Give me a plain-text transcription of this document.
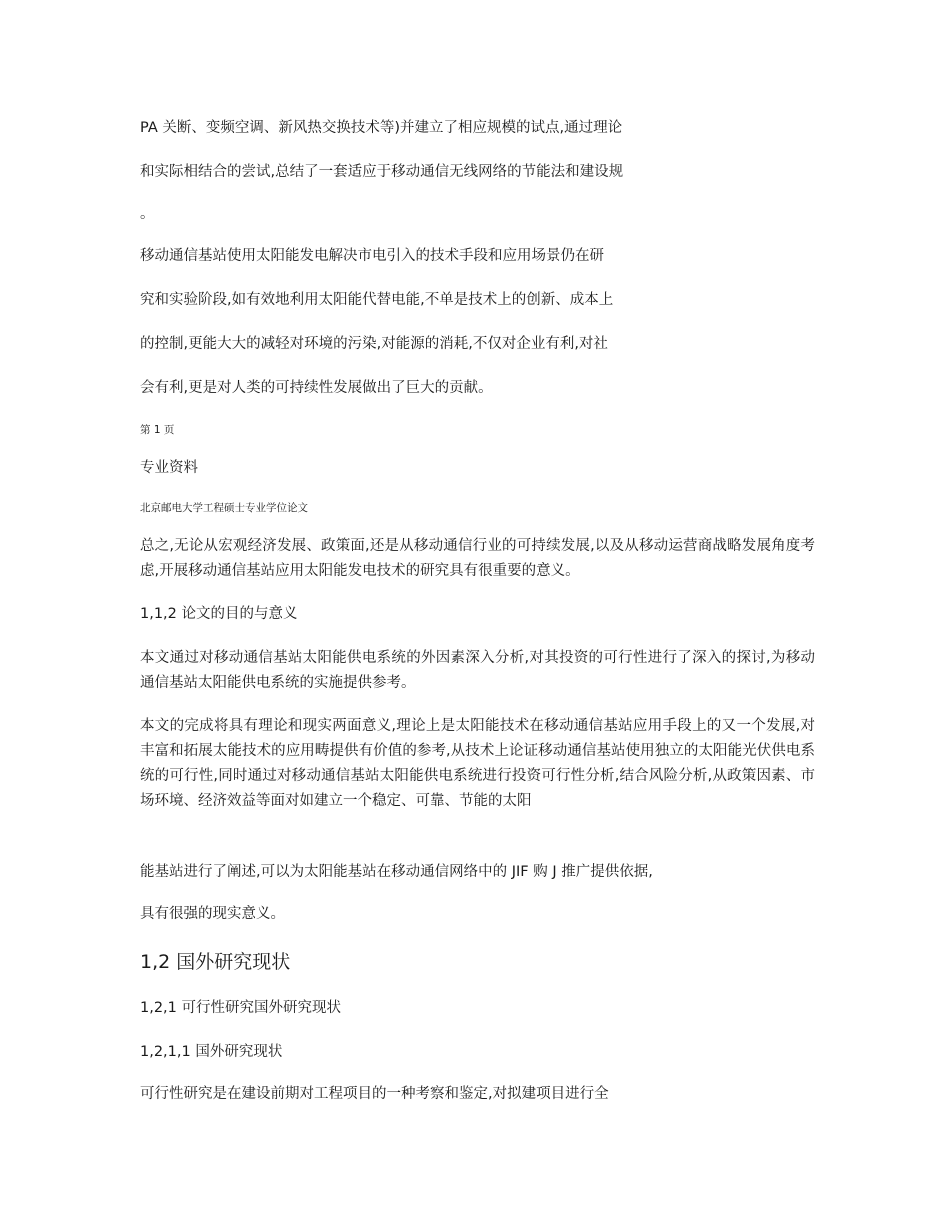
PA 关断、变频空调、新风热交换技术等)并建立了相应规模的试点,通过理论

和实际相结合的尝试,总结了一套适应于移动通信无线网络的节能法和建设规

。

移动通信基站使用太阳能发电解决市电引入的技术手段和应用场景仍在研

究和实验阶段,如有效地利用太阳能代替电能,不单是技术上的创新、成本上

的控制,更能大大的减轻对环境的污染,对能源的消耗,不仅对企业有利,对社

会有利,更是对人类的可持续性发展做出了巨大的贡献。

第 1 页

专业资料

北京邮电大学工程硕士专业学位论文

总之,无论从宏观经济发展、政策面,还是从移动通信行业的可持续发展,以及从移动运营商战略发展角度考虑,开展移动通信基站应用太阳能发电技术的研究具有很重要的意义。

1,1,2 论文的目的与意义

本文通过对移动通信基站太阳能供电系统的外因素深入分析,对其投资的可行性进行了深入的探讨,为移动通信基站太阳能供电系统的实施提供参考。

本文的完成将具有理论和现实两面意义,理论上是太阳能技术在移动通信基站应用手段上的又一个发展,对丰富和拓展太能技术的应用畴提供有价值的参考,从技术上论证移动通信基站使用独立的太阳能光伏供电系统的可行性,同时通过对移动通信基站太阳能供电系统进行投资可行性分析,结合风险分析,从政策因素、市场环境、经济效益等面对如建立一个稳定、可靠、节能的太阳

能基站进行了阐述,可以为太阳能基站在移动通信网络中的 JIF 购 J 推广提供依据,

具有很强的现实意义。

1,2 国外研究现状

1,2,1 可行性研究国外研究现状

1,2,1,1 国外研究现状

可行性研究是在建设前期对工程项目的一种考察和鉴定,对拟建项目进行全
